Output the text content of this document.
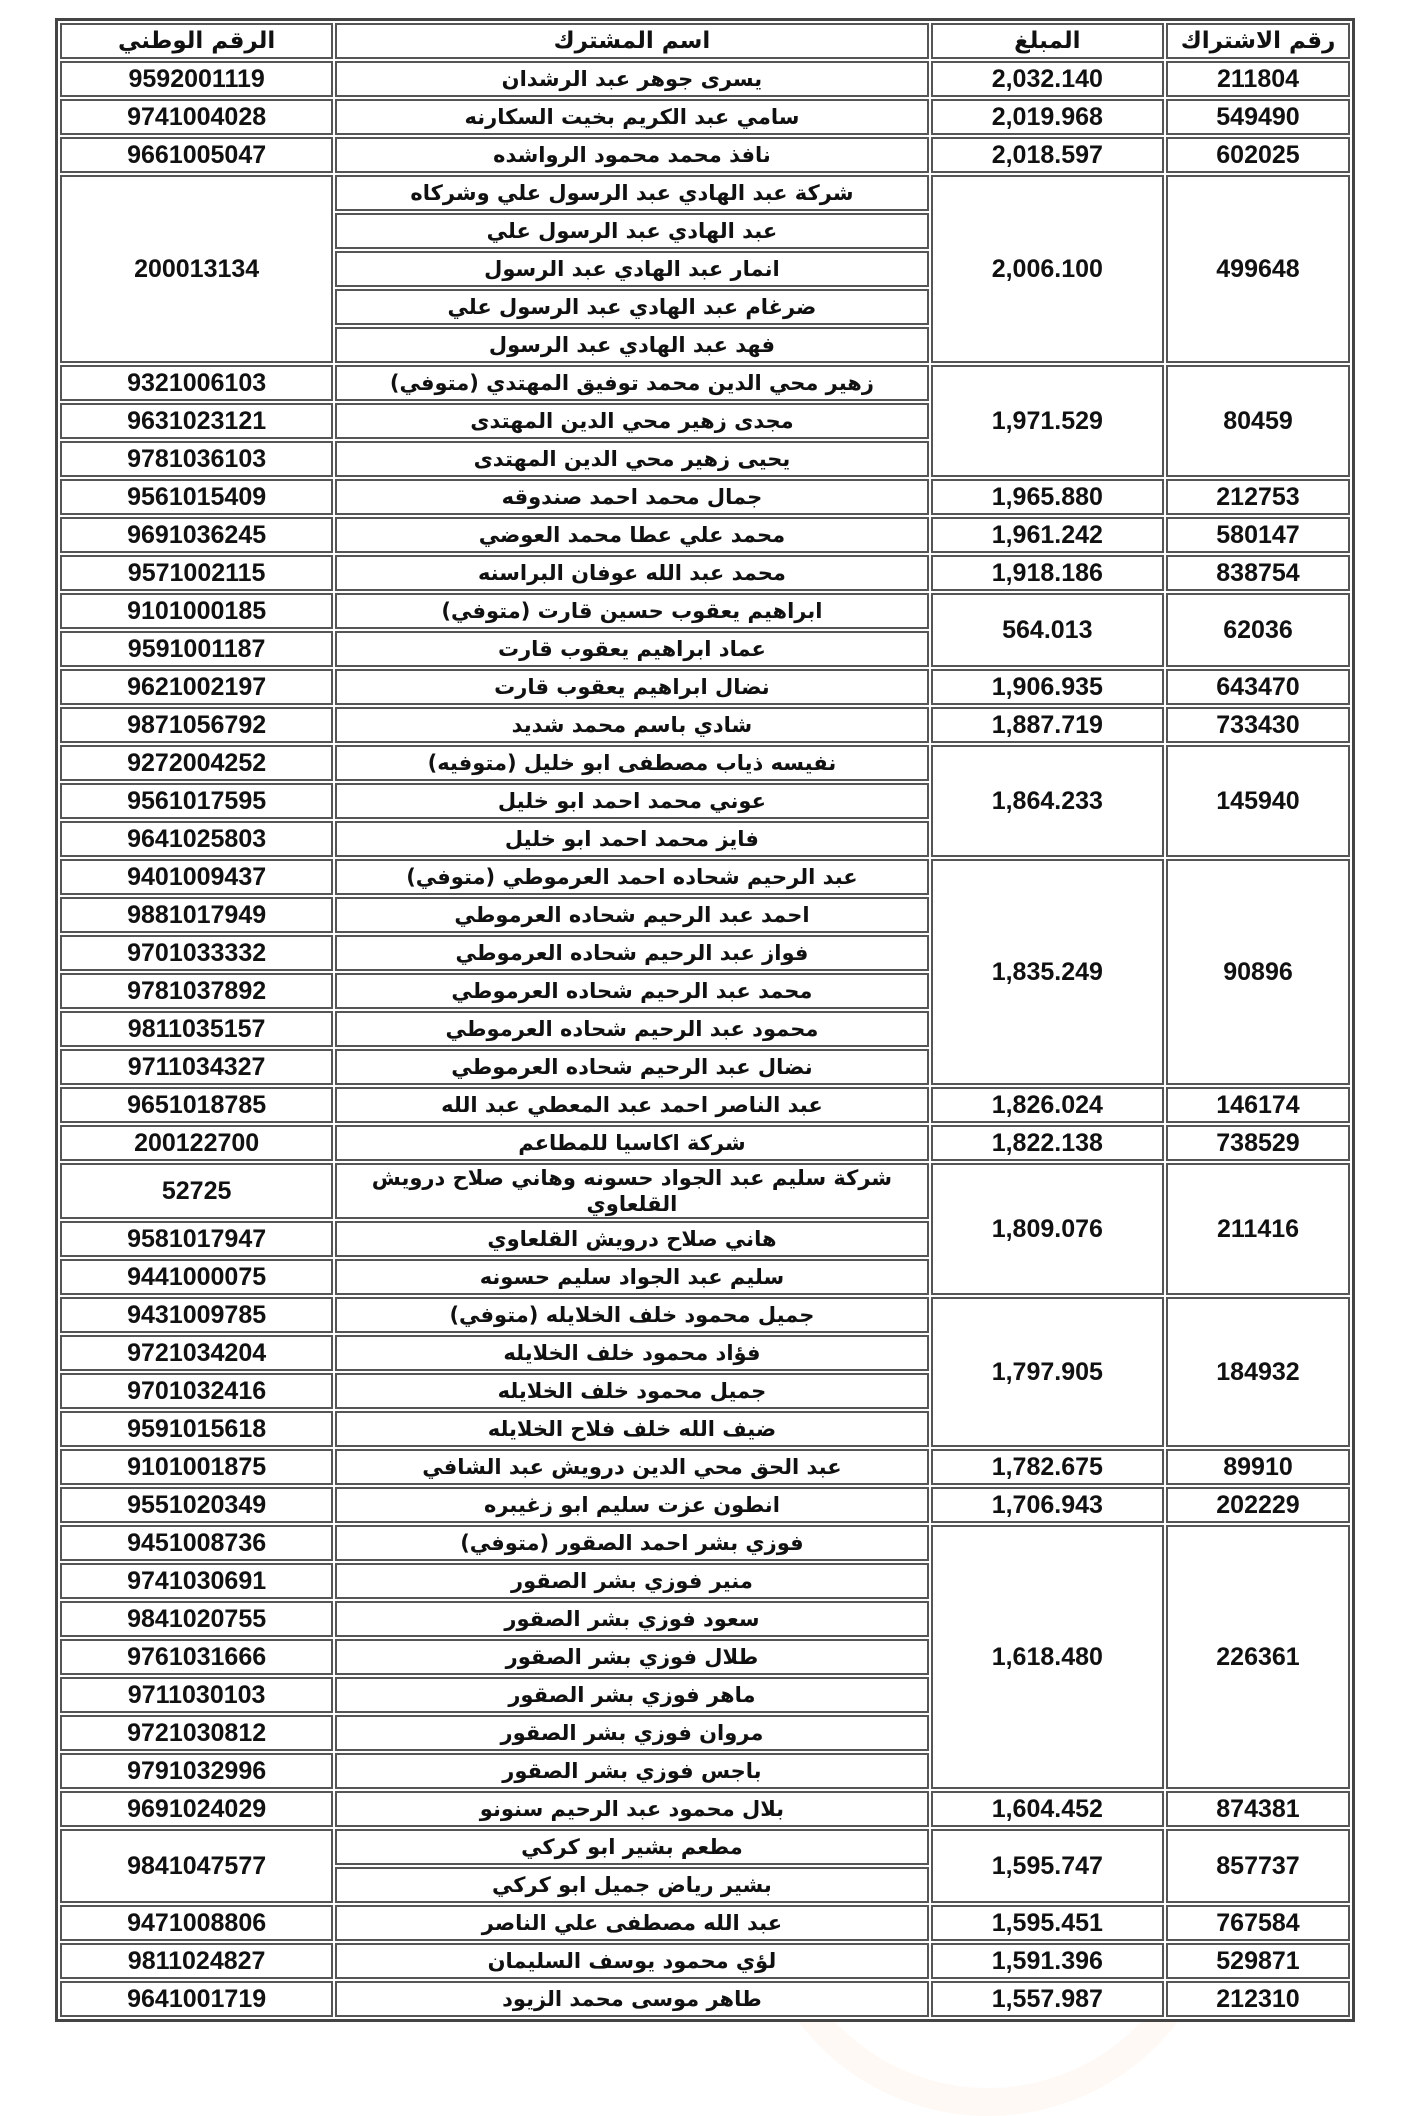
رقم الاشتراك	المبلغ	اسم المشترك	الرقم الوطني
211804	2,032.140	يسرى جوهر عبد الرشدان	9592001119
549490	2,019.968	سامي عبد الكريم بخيت السكارنه	9741004028
602025	2,018.597	نافذ محمد محمود الرواشده	9661005047
499648	2,006.100	شركة عبد الهادي عبد الرسول علي وشركاه	200013134
		عبد الهادي عبد الرسول علي	
		انمار عبد الهادي عبد الرسول	
		ضرغام عبد الهادي عبد الرسول علي	
		فهد عبد الهادي عبد الرسول	
80459	1,971.529	زهير محي الدين محمد توفيق المهتدي (متوفي)	9321006103
		مجدى زهير محي الدين المهتدى	9631023121
		يحيى زهير محي الدين المهتدى	9781036103
212753	1,965.880	جمال محمد احمد صندوقه	9561015409
580147	1,961.242	محمد علي عطا محمد العوضي	9691036245
838754	1,918.186	محمد عبد الله عوفان البراسنه	9571002115
62036	564.013	ابراهيم يعقوب حسين قارت (متوفي)	9101000185
		عماد ابراهيم يعقوب قارت	9591001187
643470	1,906.935	نضال ابراهيم يعقوب قارت	9621002197
733430	1,887.719	شادي باسم محمد شديد	9871056792
145940	1,864.233	نفيسه ذياب مصطفى ابو خليل (متوفيه)	9272004252
		عوني محمد احمد ابو خليل	9561017595
		فايز محمد احمد ابو خليل	9641025803
90896	1,835.249	عبد الرحيم شحاده احمد العرموطي (متوفي)	9401009437
		احمد عبد الرحيم شحاده العرموطي	9881017949
		فواز عبد الرحيم شحاده العرموطي	9701033332
		محمد عبد الرحيم شحاده العرموطي	9781037892
		محمود عبد الرحيم شحاده العرموطي	9811035157
		نضال عبد الرحيم شحاده العرموطي	9711034327
146174	1,826.024	عبد الناصر احمد عبد المعطي عبد الله	9651018785
738529	1,822.138	شركة اكاسيا للمطاعم	200122700
211416	1,809.076	شركة سليم عبد الجواد حسونه وهاني صلاح درويش القلعاوي	52725
		هاني صلاح درويش القلعاوي	9581017947
		سليم عبد الجواد سليم حسونه	9441000075
184932	1,797.905	جميل محمود خلف الخلايله (متوفي)	9431009785
		فؤاد محمود خلف الخلايله	9721034204
		جميل محمود خلف الخلايله	9701032416
		ضيف الله خلف فلاح الخلايله	9591015618
89910	1,782.675	عبد الحق محي الدين درويش عبد الشافي	9101001875
202229	1,706.943	انطون عزت سليم ابو زغيبره	9551020349
226361	1,618.480	فوزي بشر احمد الصقور (متوفي)	9451008736
		منير فوزي بشر الصقور	9741030691
		سعود فوزي بشر الصقور	9841020755
		طلال فوزي بشر الصقور	9761031666
		ماهر فوزي بشر الصقور	9711030103
		مروان فوزي بشر الصقور	9721030812
		باجس فوزي بشر الصقور	9791032996
874381	1,604.452	بلال محمود عبد الرحيم سنونو	9691024029
857737	1,595.747	مطعم بشير ابو كركي	9841047577
		بشير رياض جميل ابو كركي	
767584	1,595.451	عبد الله مصطفى علي الناصر	9471008806
529871	1,591.396	لؤي محمود يوسف السليمان	9811024827
212310	1,557.987	طاهر موسى محمد الزيود	9641001719
